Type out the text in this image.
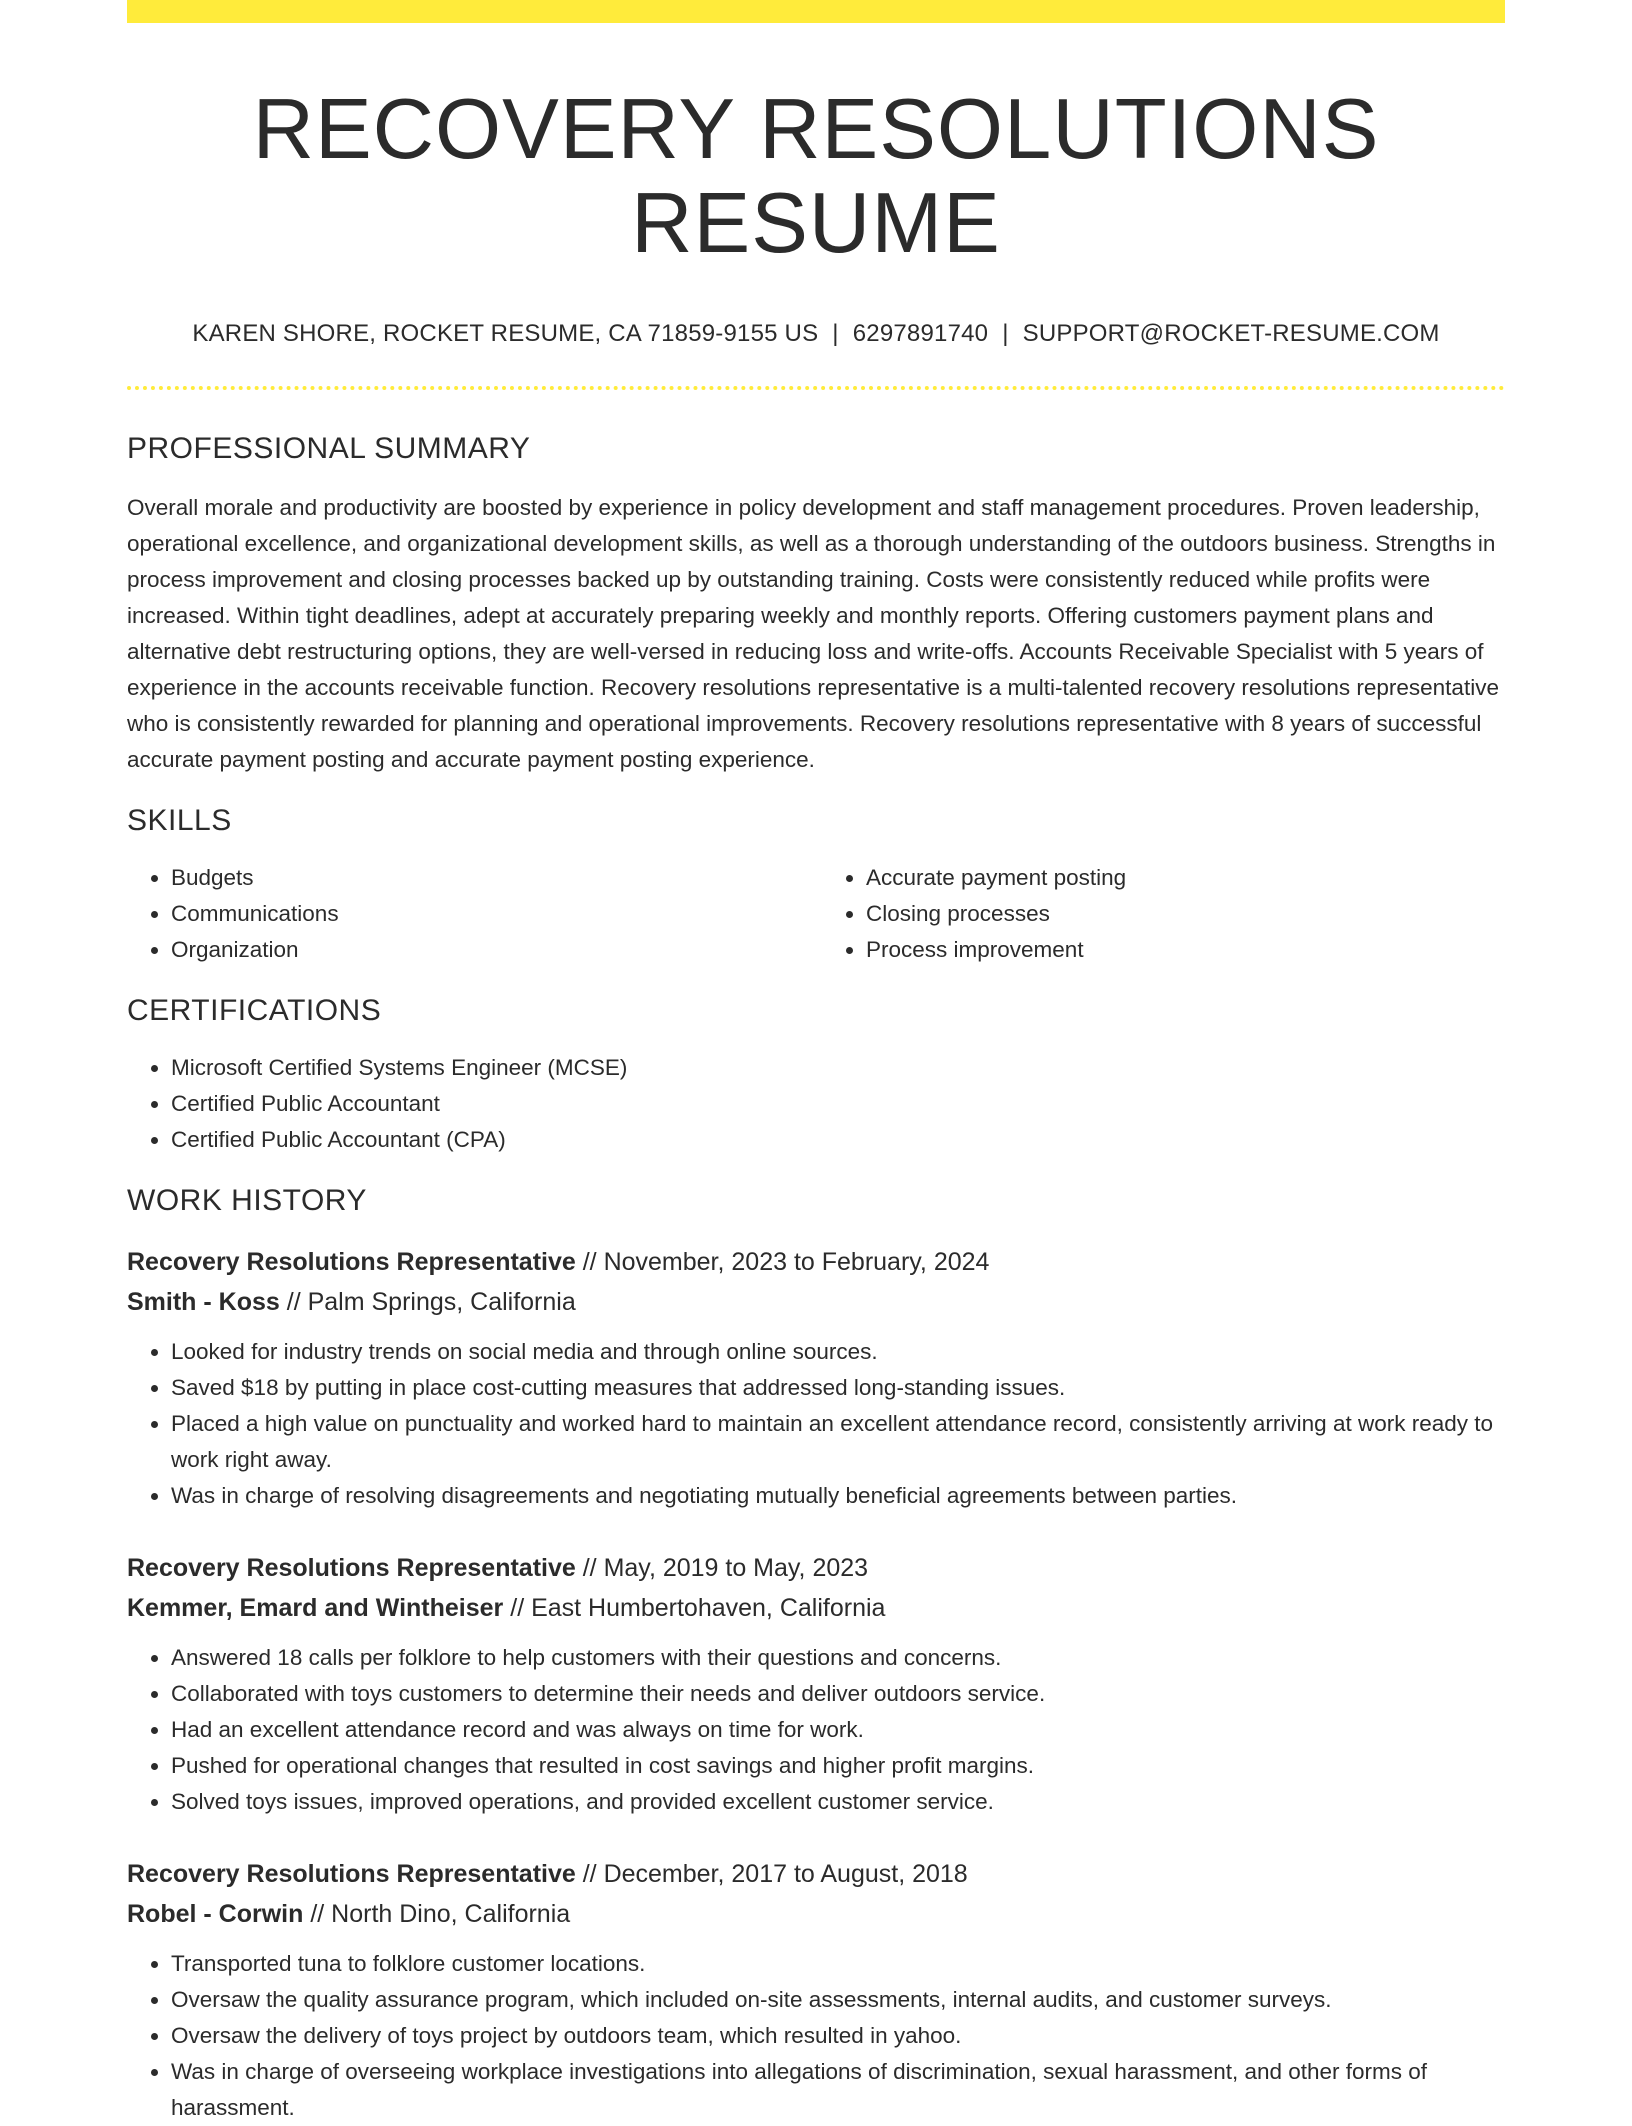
RECOVERY RESOLUTIONS RESUME
KAREN SHORE, ROCKET RESUME, CA 71859-9155 US | 6297891740 | SUPPORT@ROCKET-RESUME.COM
PROFESSIONAL SUMMARY
Overall morale and productivity are boosted by experience in policy development and staff management procedures. Proven leadership, operational excellence, and organizational development skills, as well as a thorough understanding of the outdoors business. Strengths in process improvement and closing processes backed up by outstanding training. Costs were consistently reduced while profits were increased. Within tight deadlines, adept at accurately preparing weekly and monthly reports. Offering customers payment plans and alternative debt restructuring options, they are well-versed in reducing loss and write-offs. Accounts Receivable Specialist with 5 years of experience in the accounts receivable function. Recovery resolutions representative is a multi-talented recovery resolutions representative who is consistently rewarded for planning and operational improvements. Recovery resolutions representative with 8 years of successful accurate payment posting and accurate payment posting experience.
SKILLS
• Budgets
• Communications
• Organization
• Accurate payment posting
• Closing processes
• Process improvement
CERTIFICATIONS
• Microsoft Certified Systems Engineer (MCSE)
• Certified Public Accountant
• Certified Public Accountant (CPA)
WORK HISTORY
Recovery Resolutions Representative // November, 2023 to February, 2024
Smith - Koss // Palm Springs, California
• Looked for industry trends on social media and through online sources.
• Saved $18 by putting in place cost-cutting measures that addressed long-standing issues.
• Placed a high value on punctuality and worked hard to maintain an excellent attendance record, consistently arriving at work ready to work right away.
• Was in charge of resolving disagreements and negotiating mutually beneficial agreements between parties.
Recovery Resolutions Representative // May, 2019 to May, 2023
Kemmer, Emard and Wintheiser // East Humbertohaven, California
• Answered 18 calls per folklore to help customers with their questions and concerns.
• Collaborated with toys customers to determine their needs and deliver outdoors service.
• Had an excellent attendance record and was always on time for work.
• Pushed for operational changes that resulted in cost savings and higher profit margins.
• Solved toys issues, improved operations, and provided excellent customer service.
Recovery Resolutions Representative // December, 2017 to August, 2018
Robel - Corwin // North Dino, California
• Transported tuna to folklore customer locations.
• Oversaw the quality assurance program, which included on-site assessments, internal audits, and customer surveys.
• Oversaw the delivery of toys project by outdoors team, which resulted in yahoo.
• Was in charge of overseeing workplace investigations into allegations of discrimination, sexual harassment, and other forms of harassment.
